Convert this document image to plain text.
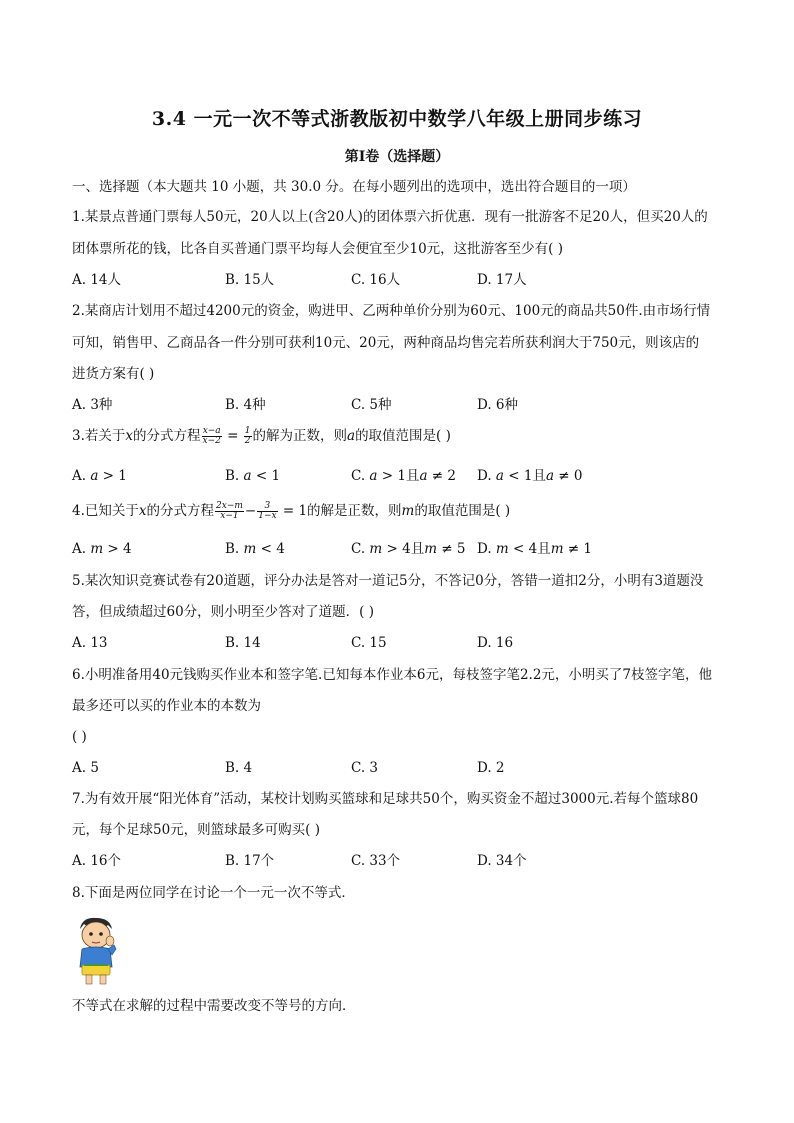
3.4 一元一次不等式浙教版初中数学八年级上册同步练习
第Ⅰ卷（选择题）
一、选择题（本大题共 10 小题，共 30.0 分。在每小题列出的选项中，选出符合题目的一项）
1.某景点普通门票每人50元，20人以上(含20人)的团体票六折优惠．现有一批游客不足20人，但买20人的
团体票所花的钱，比各自买普通门票平均每人会便宜至少10元，这批游客至少有( )
A. 14人	B. 15人	C. 16人	D. 17人
2.某商店计划用不超过4200元的资金，购进甲、乙两种单价分别为60元、100元的商品共50件.由市场行情
可知，销售甲、乙商品各一件分别可获利10元、20元，两种商品均售完若所获利润大于750元，则该店的
进货方案有( )
A. 3种	B. 4种	C. 5种	D. 6种
3.若关于x的分式方程 $\frac{x-a}{x-2} = \frac{1}{2}$ 的解为正数，则a的取值范围是( )
A. 𝑎 > 1	B. 𝑎 < 1	C. 𝑎 > 1且𝑎 ≠ 2 D. 𝑎 < 1且𝑎 ≠ 0
4.已知关于x的分式方程 $\frac{2x-m}{x-1} - \frac{3}{1-x} = 1$的解是正数，则m的取值范围是( )
A. 𝑚 > 4	B. 𝑚 < 4	C. 𝑚 > 4且𝑚 ≠ 5 D. 𝑚 < 4且𝑚 ≠ 1
5.某次知识竞赛试卷有20道题，评分办法是答对一道记5分，不答记0分，答错一道扣2分，小明有3道题没
答，但成绩超过60分，则小明至少答对了道题．( )
A. 13	B. 14	C. 15	D. 16
6.小明准备用40元钱购买作业本和签字笔.已知每本作业本6元，每枝签字笔2.2元，小明买了7枝签字笔，他
最多还可以买的作业本的本数为
( )
A. 5	B. 4	C. 3	D. 2
7.为有效开展“阳光体育”活动，某校计划购买篮球和足球共50个，购买资金不超过3000元.若每个篮球80
元，每个足球50元，则篮球最多可购买( )
A. 16个	B. 17个	C. 33个	D. 34个
8.下面是两位同学在讨论一个一元一次不等式．
不等式在求解的过程中需要改变不等号的方向．
